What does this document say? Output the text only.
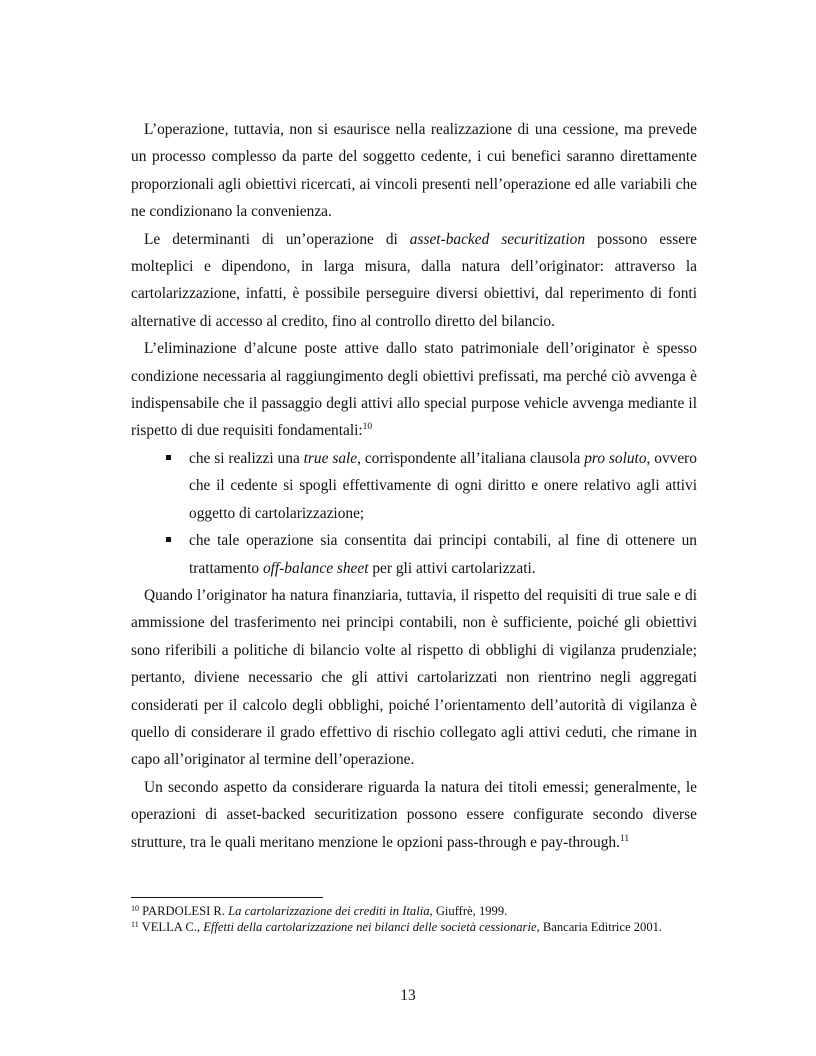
L’operazione, tuttavia, non si esaurisce nella realizzazione di una cessione, ma prevede un processo complesso da parte del soggetto cedente, i cui benefici saranno direttamente proporzionali agli obiettivi ricercati, ai vincoli presenti nell’operazione ed alle variabili che ne condizionano la convenienza.

Le determinanti di un’operazione di asset-backed securitization possono essere molteplici e dipendono, in larga misura, dalla natura dell’originator: attraverso la cartolarizzazione, infatti, è possibile perseguire diversi obiettivi, dal reperimento di fonti alternative di accesso al credito, fino al controllo diretto del bilancio.

L’eliminazione d’alcune poste attive dallo stato patrimoniale dell’originator è spesso condizione necessaria al raggiungimento degli obiettivi prefissati, ma perché ciò avvenga è indispensabile che il passaggio degli attivi allo special purpose vehicle avvenga mediante il rispetto di due requisiti fondamentali:$^{10}$

che si realizzi una true sale, corrispondente all’italiana clausola pro soluto, ovvero che il cedente si spogli effettivamente di ogni diritto e onere relativo agli attivi oggetto di cartolarizzazione;
che tale operazione sia consentita dai principi contabili, al fine di ottenere un trattamento off-balance sheet per gli attivi cartolarizzati.

Quando l’originator ha natura finanziaria, tuttavia, il rispetto del requisiti di true sale e di ammissione del trasferimento nei principi contabili, non è sufficiente, poiché gli obiettivi sono riferibili a politiche di bilancio volte al rispetto di obblighi di vigilanza prudenziale; pertanto, diviene necessario che gli attivi cartolarizzati non rientrino negli aggregati considerati per il calcolo degli obblighi, poiché l’orientamento dell’autorità di vigilanza è quello di considerare il grado effettivo di rischio collegato agli attivi ceduti, che rimane in capo all’originator al termine dell’operazione.

Un secondo aspetto da considerare riguarda la natura dei titoli emessi; generalmente, le operazioni di asset-backed securitization possono essere configurate secondo diverse strutture, tra le quali meritano menzione le opzioni pass-through e pay-through.$^{11}$

$^{10}$ PARDOLESI R. La cartolarizzazione dei crediti in Italia, Giuffrè, 1999.
$^{11}$ VELLA C., Effetti della cartolarizzazione nei bilanci delle società cessionarie, Bancaria Editrice 2001.
13
